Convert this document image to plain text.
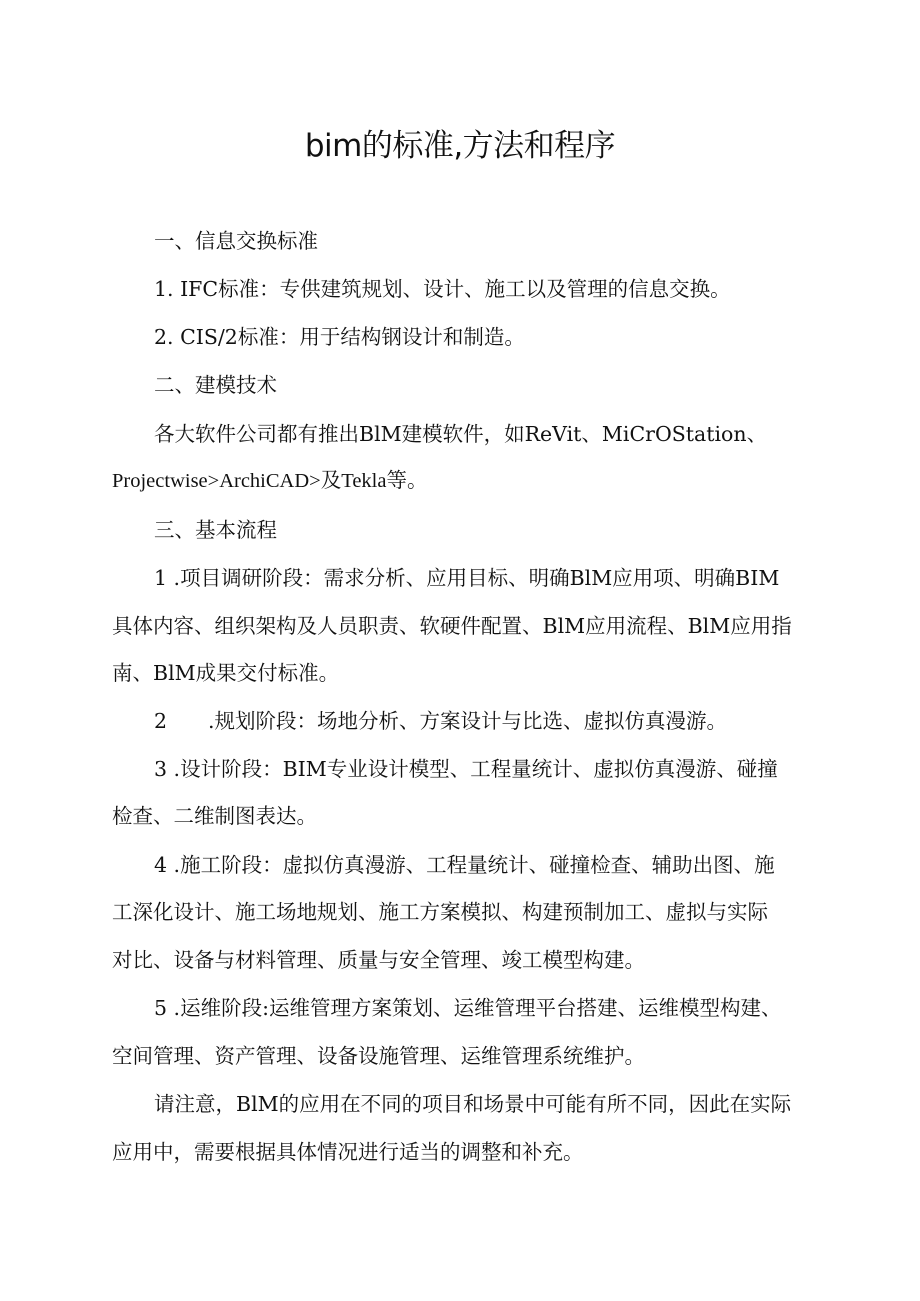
bim的标准,方法和程序
一、信息交换标准
1. IFC标准：专供建筑规划、设计、施工以及管理的信息交换。
2. CIS/2标准：用于结构钢设计和制造。
二、建模技术
各大软件公司都有推出BlM建模软件，如ReVit、MiCrOStation、
Projectwise>ArchiCAD>及Tekla等。
三、基本流程
1 .项目调研阶段：需求分析、应用目标、明确BlM应用项、明确BIM
具体内容、组织架构及人员职责、软硬件配置、BlM应用流程、BlM应用指
南、BlM成果交付标准。
2　　.规划阶段：场地分析、方案设计与比选、虚拟仿真漫游。
3 .设计阶段：BIM专业设计模型、工程量统计、虚拟仿真漫游、碰撞
检查、二维制图表达。
4 .施工阶段：虚拟仿真漫游、工程量统计、碰撞检查、辅助出图、施
工深化设计、施工场地规划、施工方案模拟、构建预制加工、虚拟与实际
对比、设备与材料管理、质量与安全管理、竣工模型构建。
5 .运维阶段:运维管理方案策划、运维管理平台搭建、运维模型构建、
空间管理、资产管理、设备设施管理、运维管理系统维护。
请注意，BlM的应用在不同的项目和场景中可能有所不同，因此在实际
应用中，需要根据具体情况进行适当的调整和补充。
